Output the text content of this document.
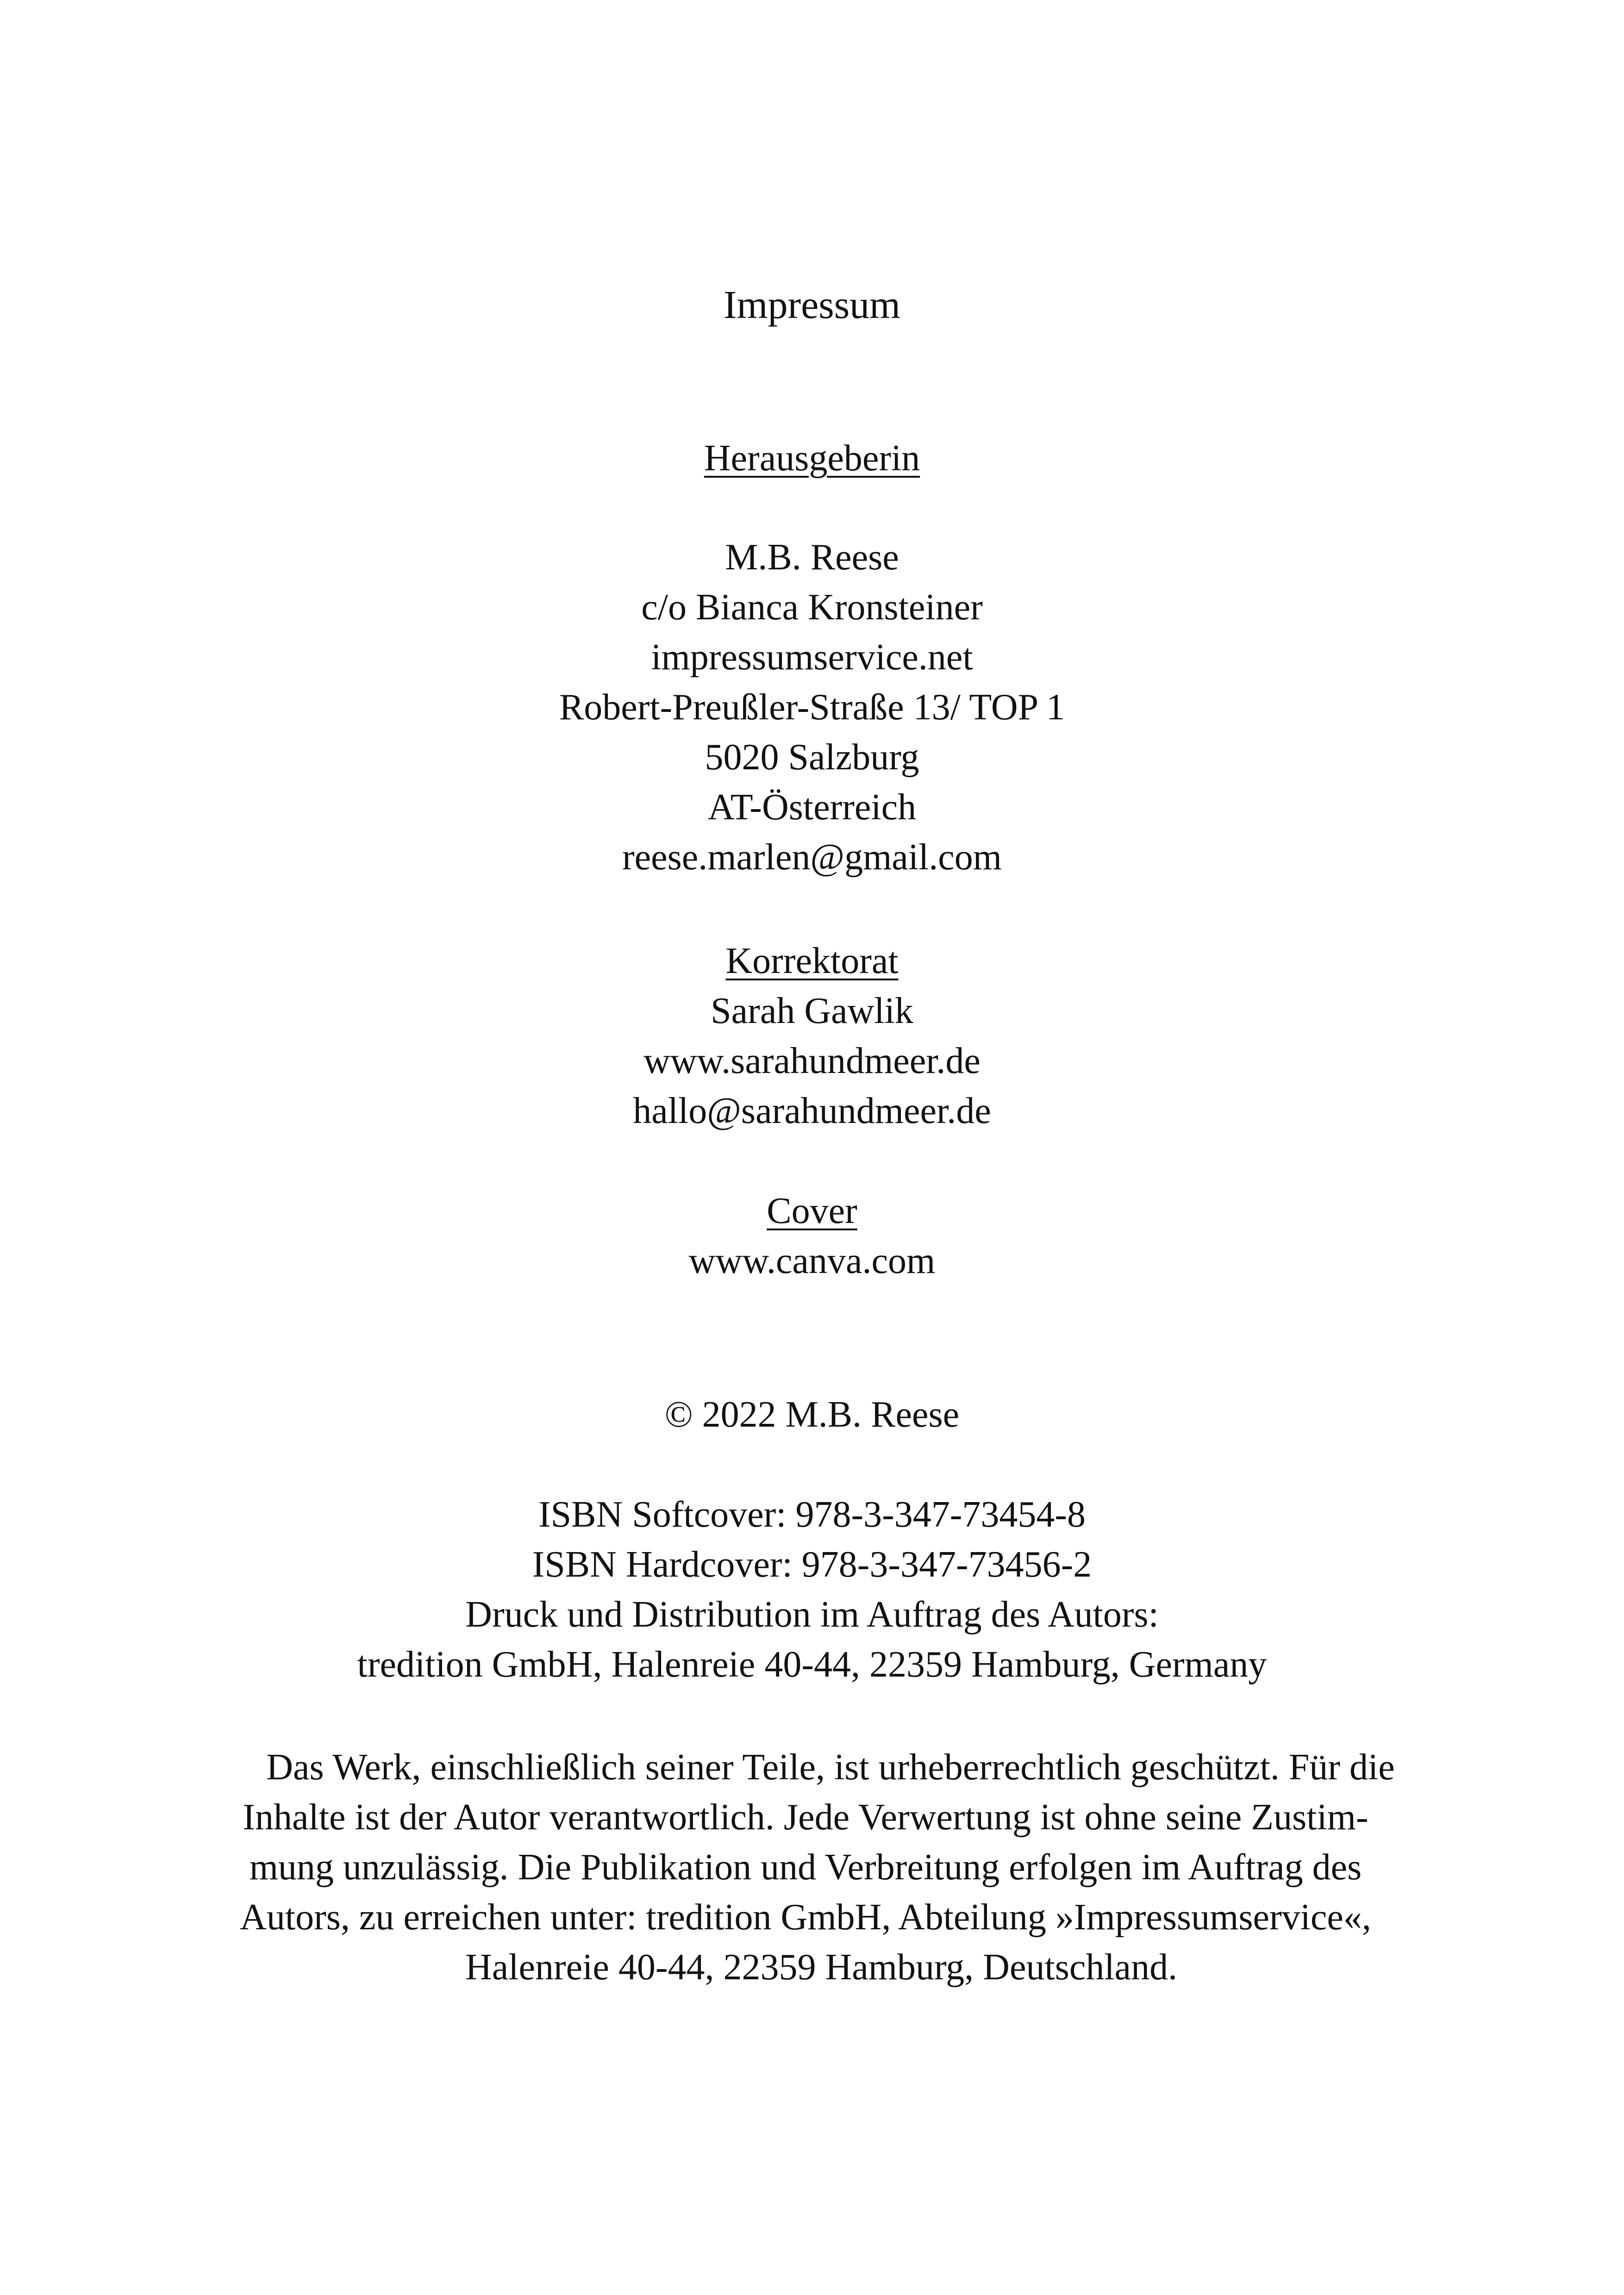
Impressum
Herausgeberin
M.B. Reese
c/o Bianca Kronsteiner
impressumservice.net
Robert-Preußler-Straße 13/ TOP 1
5020 Salzburg
AT-Österreich
reese.marlen@gmail.com
Korrektorat
Sarah Gawlik
www.sarahundmeer.de
hallo@sarahundmeer.de
Cover
www.canva.com
© 2022 M.B. Reese
ISBN Softcover: 978-3-347-73454-8
ISBN Hardcover: 978-3-347-73456-2
Druck und Distribution im Auftrag des Autors:
tredition GmbH, Halenreie 40-44, 22359 Hamburg, Germany
Das Werk, einschließlich seiner Teile, ist urheberrechtlich geschützt. Für die
Inhalte ist der Autor verantwortlich. Jede Verwertung ist ohne seine Zustim-
mung unzulässig. Die Publikation und Verbreitung erfolgen im Auftrag des
Autors, zu erreichen unter: tredition GmbH, Abteilung »Impressumservice«,
Halenreie 40-44, 22359 Hamburg, Deutschland.
